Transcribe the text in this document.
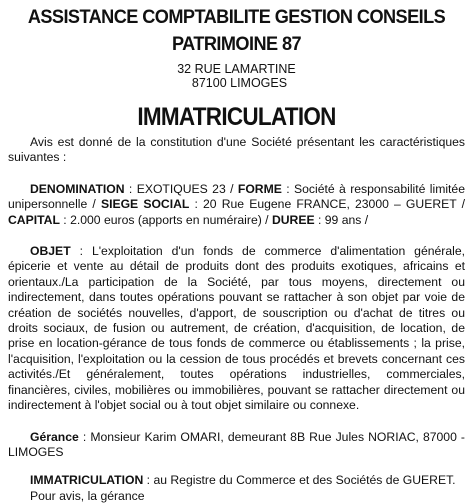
ASSISTANCE COMPTABILITE GESTION CONSEILS
PATRIMOINE 87
32 RUE LAMARTINE
87100 LIMOGES
IMMATRICULATION

Avis est donné de la constitution d'une Société présentant les caractéristiques suivantes :

DENOMINATION : EXOTIQUES 23 / FORME : Société à responsabilité limitée unipersonnelle / SIEGE SOCIAL : 20 Rue Eugene FRANCE, 23000 – GUERET / CAPITAL : 2.000 euros (apports en numéraire) / DUREE : 99 ans /

OBJET : L'exploitation d'un fonds de commerce d'alimentation générale, épicerie et vente au détail de produits dont des produits exotiques, africains et orientaux./La participation de la Société, par tous moyens, directement ou indirectement, dans toutes opérations pouvant se rattacher à son objet par voie de création de sociétés nouvelles, d'apport, de souscription ou d'achat de titres ou droits sociaux, de fusion ou autrement, de création, d'acquisition, de location, de prise en location-gérance de tous fonds de commerce ou établissements ; la prise, l'acquisition, l'exploitation ou la cession de tous procédés et brevets concernant ces activités./Et généralement, toutes opérations industrielles, commerciales, financières, civiles, mobilières ou immobilières, pouvant se rattacher directement ou indirectement à l'objet social ou à tout objet similaire ou connexe.

Gérance : Monsieur Karim OMARI, demeurant 8B Rue Jules NORIAC, 87000 - LIMOGES

IMMATRICULATION : au Registre du Commerce et des Sociétés de GUERET.

Pour avis, la gérance
